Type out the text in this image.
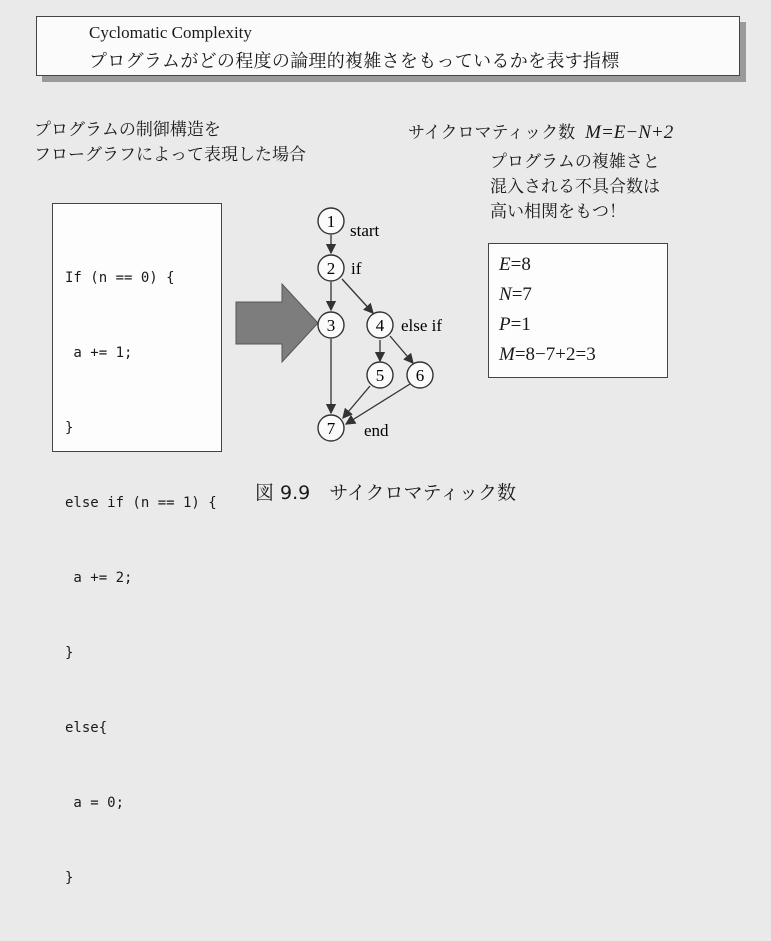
Cyclomatic Complexity
プログラムがどの程度の論理的複雑さをもっているかを表す指標
プログラムの制御構造を
フローグラフによって表現した場合
サイクロマティック数 M=E−N+2
プログラムの複雑さと
混入される不具合数は
高い相関をもつ！

If (n == 0) {

a += 1;

}

else if (n == 1) {

a += 2;

}

else{

a = 0;

}

E=8
N=7
P=1
M=8−7+2=3
1
2
3 4
5 6
7
start
if
else if
end
図 9.9　サイクロマティック数
